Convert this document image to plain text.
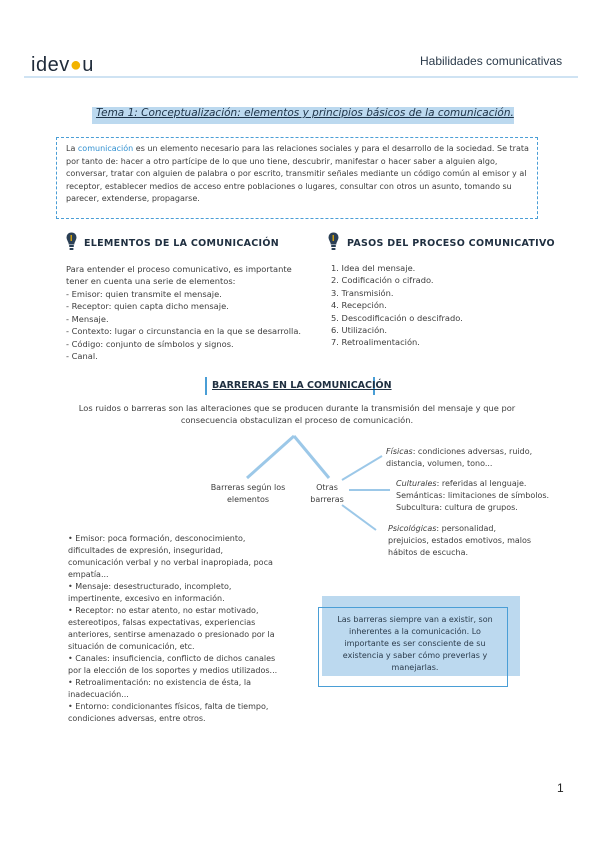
idev●u	Habilidades comunicativas
Tema 1: Conceptualización: elementos y principios básicos de la comunicación.
La comunicación es un elemento necesario para las relaciones sociales y para el desarrollo de la sociedad. Se trata por tanto de: hacer a otro partícipe de lo que uno tiene, descubrir, manifestar o hacer saber a alguien algo, conversar, tratar con alguien de palabra o por escrito, transmitir señales mediante un código común al emisor y al receptor, establecer medios de acceso entre poblaciones o lugares, consultar con otros un asunto, tomando su parecer, extenderse, propagarse.
ELEMENTOS DE LA COMUNICACIÓN
Para entender el proceso comunicativo, es importante tener en cuenta una serie de elementos:
- Emisor: quien transmite el mensaje.
- Receptor: quien capta dicho mensaje.
- Mensaje.
- Contexto: lugar o circunstancia en la que se desarrolla.
- Código: conjunto de símbolos y signos.
- Canal.
PASOS DEL PROCESO COMUNICATIVO
1. Idea del mensaje.
2. Codificación o cifrado.
3. Transmisión.
4. Recepción.
5. Descodificación o descifrado.
6. Utilización.
7. Retroalimentación.
BARRERAS EN LA COMUNICACIÓN
Los ruidos o barreras son las alteraciones que se producen durante la transmisión del mensaje y que por consecuencia obstaculizan el proceso de comunicación.
Barreras según los elementos
Otras barreras
Físicas: condiciones adversas, ruido, distancia, volumen, tono...
Culturales: referidas al lenguaje. Semánticas: limitaciones de símbolos. Subcultura: cultura de grupos.
Psicológicas: personalidad, prejuicios, estados emotivos, malos hábitos de escucha.
• Emisor: poca formación, desconocimiento, dificultades de expresión, inseguridad, comunicación verbal y no verbal inapropiada, poca empatía...
• Mensaje: desestructurado, incompleto, impertinente, excesivo en información.
• Receptor: no estar atento, no estar motivado, estereotipos, falsas expectativas, experiencias anteriores, sentirse amenazado o presionado por la situación de comunicación, etc.
• Canales: insuficiencia, conflicto de dichos canales por la elección de los soportes y medios utilizados...
• Retroalimentación: no existencia de ésta, la inadecuación...
• Entorno: condicionantes físicos, falta de tiempo, condiciones adversas, entre otros.
Las barreras siempre van a existir, son inherentes a la comunicación. Lo importante es ser consciente de su existencia y saber cómo preverlas y manejarlas.
1
